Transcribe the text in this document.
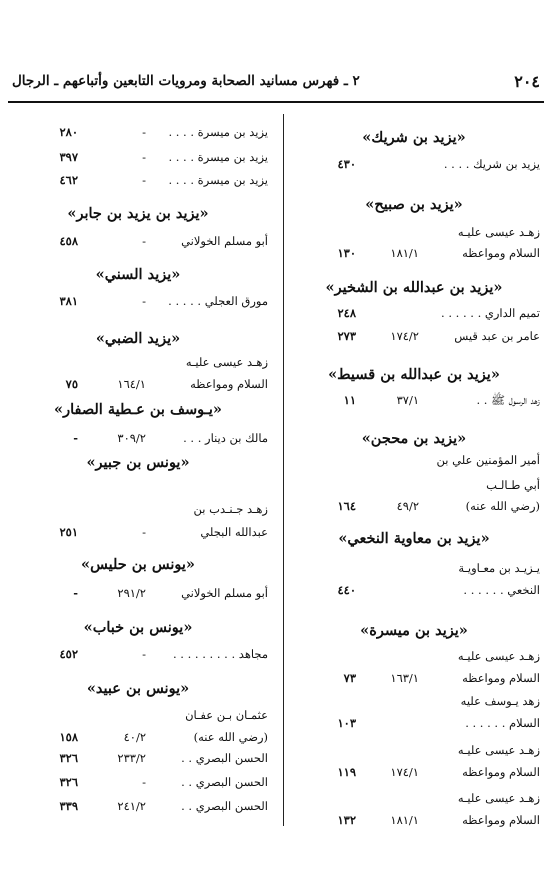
٢٠٤
٢ ـ فهرس مسانيد الصحابة ومرويات التابعين وأتباعهم ـ الرجال
«يزيد بن شريك»
«يزيد بن صبيح»
«يزيد بن عبدالله بن الشخير»
«يزيد بن عبدالله بن قسيط»
«يزيد بن محجن»
«يزيد بن معاوية النخعي»
«يزيد بن ميسرة»
يزيد بن شريك . . . .
٤٣٠
زهـد عيسى عليـه
السلام ومواعظه
١٨١/١
١٣٠
تميم الداري . . . . . .
٢٤٨
عامر بن عبد قيس
١٧٤/٢
٢٧٣
زهد الرسول ﷺ . .
٣٧/١
١١
أمير المؤمنين علي بن
أبي طـالـب
(رضي الله عنه)
٤٩/٢
١٦٤
يـزيـد بن معـاويـة
النخعي . . . . . .
٤٤٠
زهـد عيسى عليـه
السلام ومواعظه
١٦٣/١
٧٣
زهد يـوسف عليه
السلام . . . . . .
١٠٣
زهـد عيسى عليـه
السلام ومواعظه
١٧٤/١
١١٩
زهـد عيسى عليـه
السلام ومواعظه
١٨١/١
١٣٢
«يزيد بن يزيد بن جابر»
«يزيد السني»
«يزيد الضبي»
«يـوسف بن عـطية الصفار»
«يونس بن جبير»
«يونس بن حليس»
«يونس بن خباب»
«يونس بن عبيد»
يزيد بن ميسرة . . . .
-
٢٨٠
يزيد بن ميسرة . . . .
-
٣٩٧
يزيد بن ميسرة . . . .
-
٤٦٢
أبو مسلم الخولاني
-
٤٥٨
مورق العجلي . . . . .
-
٣٨١
زهـد عيسى عليـه
السلام ومواعظه
١٦٤/١
٧٥
مالك بن دينار . . .
٣٠٩/٢
-
زهـد جـنـدب بن
عبدالله البجلي
-
٢٥١
أبو مسلم الخولاني
٢٩١/٢
-
مجاهد . . . . . . . . .
-
٤٥٢
عثمـان بـن عفـان
(رضي الله عنه)
٤٠/٢
١٥٨
الحسن البصري . .
٢٣٣/٢
٣٢٦
الحسن البصري . .
-
٣٢٦
الحسن البصري . .
٢٤١/٢
٣٣٩
